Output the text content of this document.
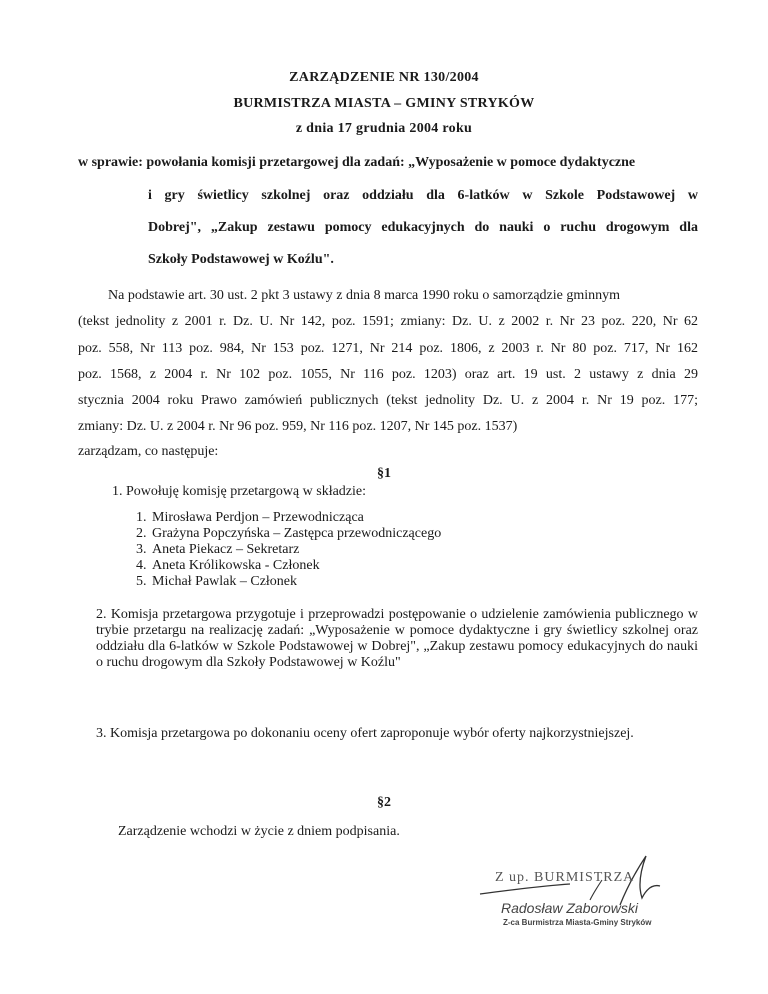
ZARZĄDZENIE NR 130/2004
BURMISTRZA MIASTA – GMINY STRYKÓW
z dnia 17 grudnia 2004 roku
w sprawie: powołania komisji przetargowej dla zadań: „Wyposażenie w pomoce dydaktyczne
i gry świetlicy szkolnej oraz oddziału dla 6-latków w Szkole Podstawowej w
Dobrej", „Zakup zestawu pomocy edukacyjnych do nauki o ruchu drogowym dla
Szkoły Podstawowej w Koźlu".
Na podstawie art. 30 ust. 2 pkt 3 ustawy z dnia 8 marca 1990 roku o samorządzie gminnym
(tekst jednolity z 2001 r. Dz. U. Nr 142, poz. 1591; zmiany: Dz. U. z 2002 r. Nr 23 poz. 220, Nr 62
poz. 558, Nr 113 poz. 984, Nr 153 poz. 1271, Nr 214 poz. 1806, z 2003 r. Nr 80 poz. 717, Nr 162
poz. 1568, z 2004 r. Nr 102 poz. 1055, Nr 116 poz. 1203) oraz art. 19 ust. 2 ustawy z dnia 29
stycznia 2004 roku Prawo zamówień publicznych (tekst jednolity Dz. U. z 2004 r. Nr 19 poz. 177;
zmiany: Dz. U. z 2004 r. Nr 96 poz. 959, Nr 116 poz. 1207, Nr 145 poz. 1537)
zarządzam, co następuje:
§1
1. Powołuję komisję przetargową w składzie:
1. Mirosława Perdjon – Przewodnicząca
2. Grażyna Popczyńska – Zastępca przewodniczącego
3. Aneta Piekacz – Sekretarz
4. Aneta Królikowska - Członek
5. Michał Pawlak – Członek
2. Komisja przetargowa przygotuje i przeprowadzi postępowanie o udzielenie zamówienia publicznego w trybie przetargu na realizację zadań: „Wyposażenie w pomoce dydaktyczne i gry świetlicy szkolnej oraz oddziału dla 6-latków w Szkole Podstawowej w Dobrej", „Zakup zestawu pomocy edukacyjnych do nauki o ruchu drogowym dla Szkoły Podstawowej w Koźlu"
3. Komisja przetargowa po dokonaniu oceny ofert zaproponuje wybór oferty najkorzystniejszej.
§2
Zarządzenie wchodzi w życie z dniem podpisania.
Z up. BURMISTRZA
Radosław Zaborowski
Z-ca Burmistrza Miasta-Gminy Stryków
